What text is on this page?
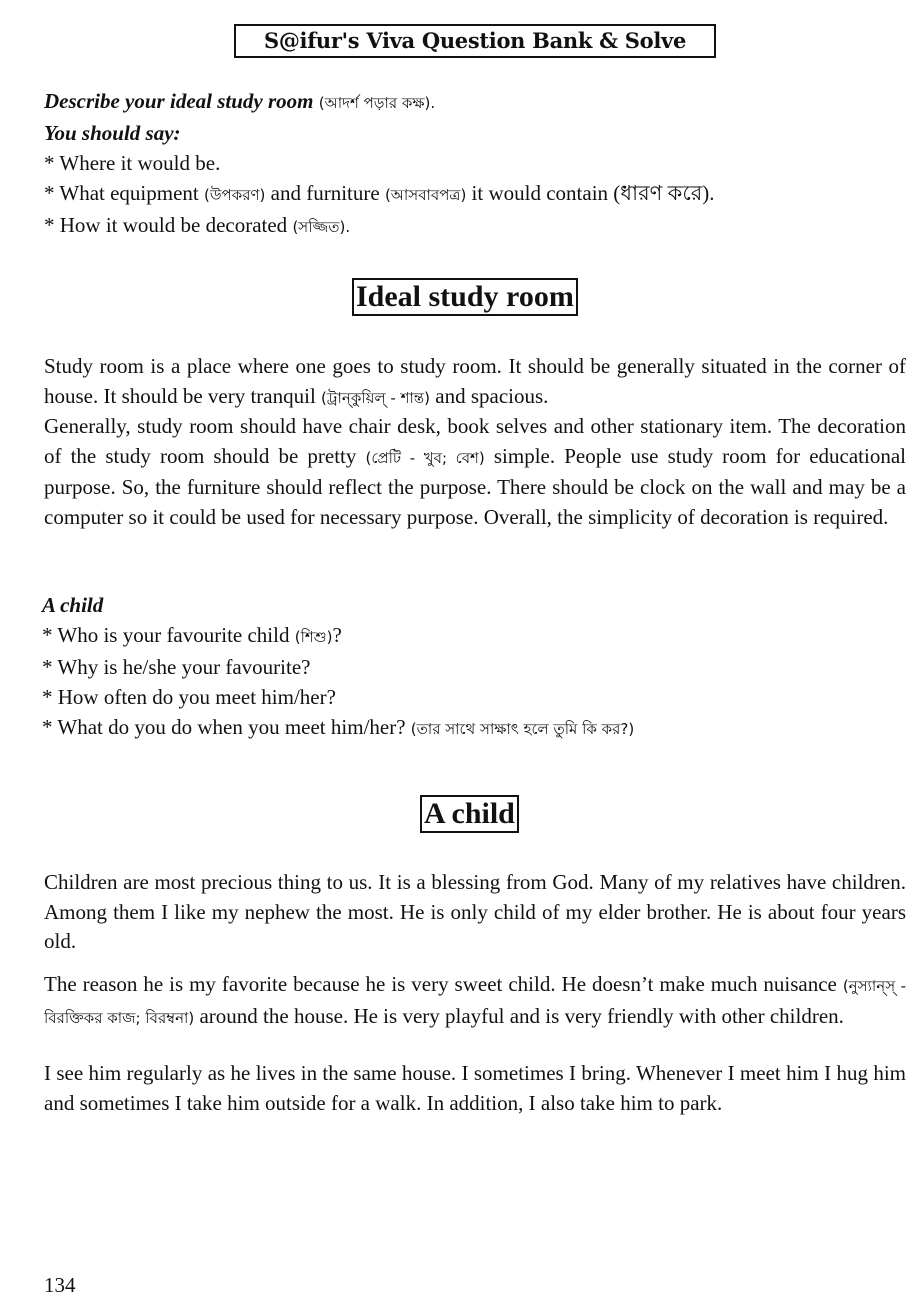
S@ifur's Viva Question Bank & Solve
Describe your ideal study room (আদর্শ পড়ার কক্ষ).
You should say:
* Where it would be.
* What equipment (উপকরণ) and furniture (আসবাবপত্র) it would contain (ধারণ করে).
* How it would be decorated (সজ্জিত).
Ideal study room
Study room is a place where one goes to study room. It should be generally situated in the corner of house. It should be very tranquil (ট্রান্‌কুয়িল্‌ - শান্ত) and spacious.
Generally, study room should have chair desk, book selves and other stationary item. The decoration of the study room should be pretty (প্রেটি - খুব; বেশ) simple. People use study room for educational purpose. So, the furniture should reflect the purpose. There should be clock on the wall and may be a computer so it could be used for necessary purpose. Overall, the simplicity of decoration is required.
A child
* Who is your favourite child (শিশু)?
* Why is he/she your favourite?
* How often do you meet him/her?
* What do you do when you meet him/her? (তার সাথে সাক্ষাৎ হলে তুমি কি কর?)
A child
Children are most precious thing to us. It is a blessing from God. Many of my relatives have children. Among them I like my nephew the most. He is only child of my elder brother. He is about four years old.
The reason he is my favorite because he is very sweet child. He doesn’t make much nuisance (নুস্যান্‌স্‌ - বিরক্তিকর কাজ; বিরম্বনা) around the house. He is very playful and is very friendly with other children.
I see him regularly as he lives in the same house. I sometimes I bring. Whenever I meet him I hug him and sometimes I take him outside for a walk. In addition, I also take him to park.
134
